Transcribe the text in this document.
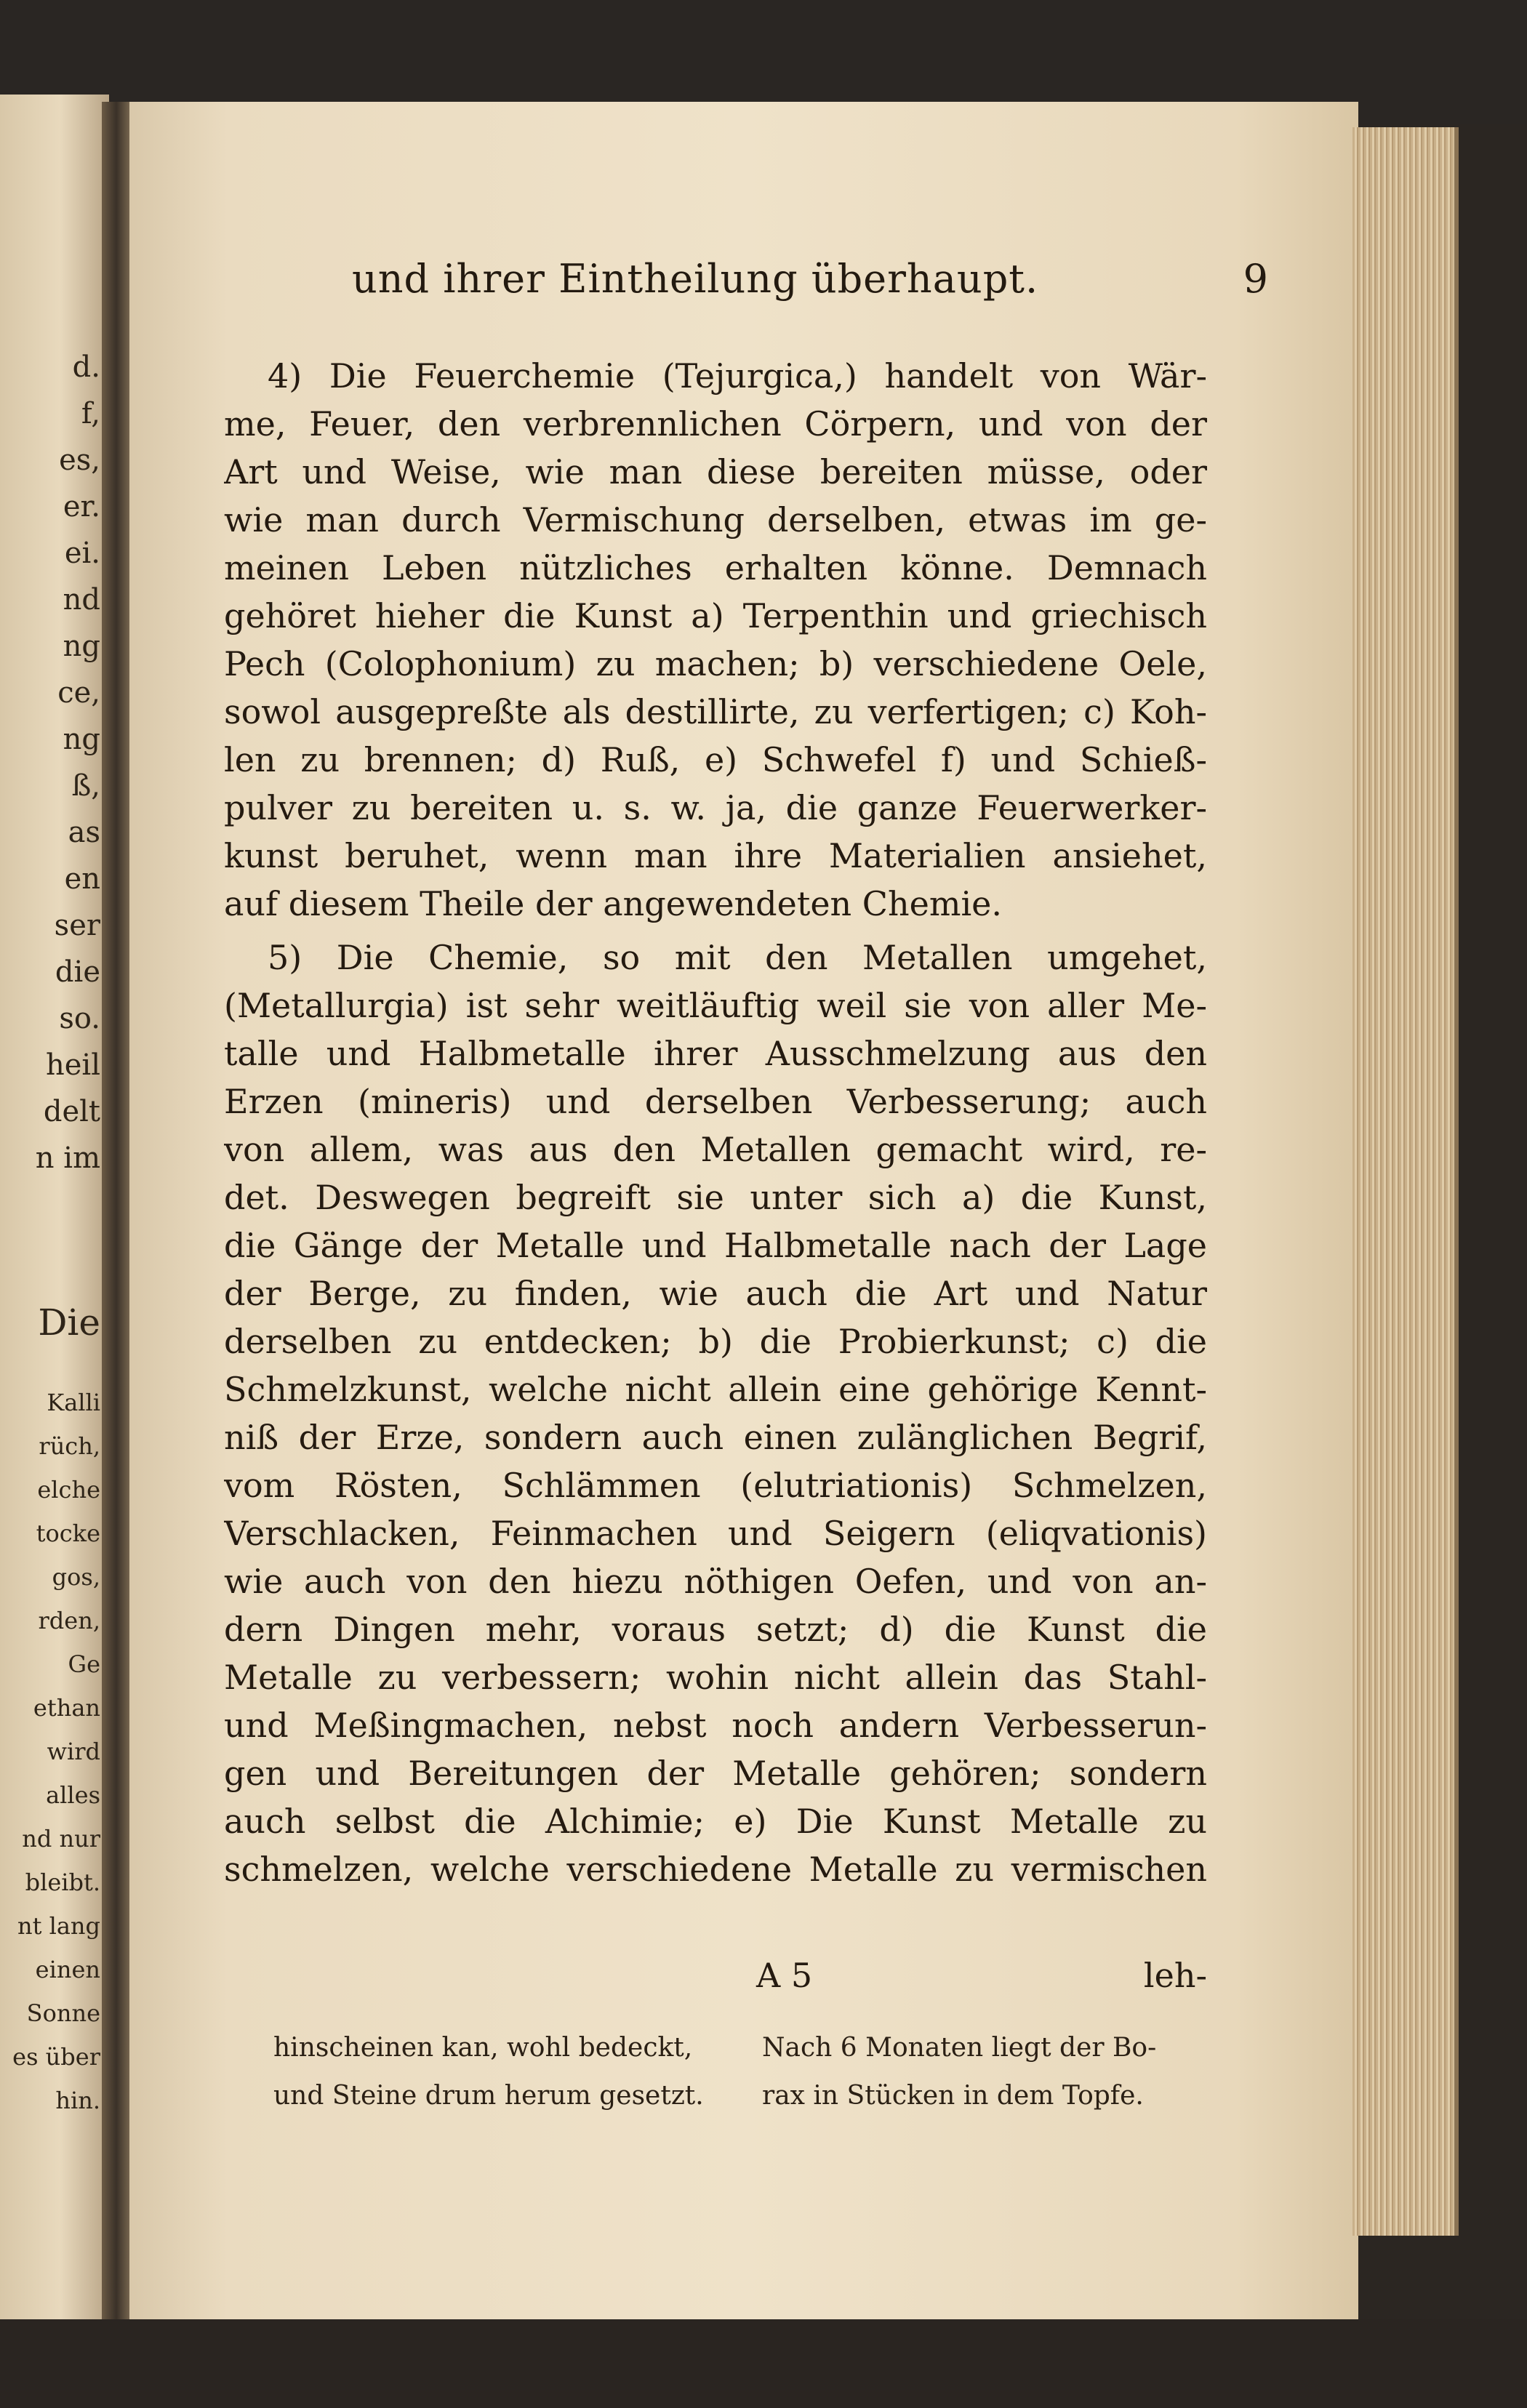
d.
f,
es,
er.
ei.
nd
ng
ce,
ng
ß,
as
en
ser
die
so.
heil
delt
n im
Die
Kalli
rüch,
elche
tocke
gos,
rden,
Ge
ethan
wird
alles
nd nur
bleibt.
nt lang
einen
Sonne
es über
hin.
und ihrer Eintheilung überhaupt.	9
4) Die Feuerchemie (Tejurgica,) handelt von Wär-
me, Feuer, den verbrennlichen Cörpern, und von der
Art und Weise, wie man diese bereiten müsse, oder
wie man durch Vermischung derselben, etwas im ge-
meinen Leben nützliches erhalten könne. Demnach
gehöret hieher die Kunst a) Terpenthin und griechisch
Pech (Colophonium) zu machen; b) verschiedene Oele,
sowol ausgepreßte als destillirte, zu verfertigen; c) Koh-
len zu brennen; d) Ruß, e) Schwefel f) und Schieß-
pulver zu bereiten u. s. w. ja, die ganze Feuerwerker-
kunst beruhet, wenn man ihre Materialien ansiehet,
auf diesem Theile der angewendeten Chemie.
5) Die Chemie, so mit den Metallen umgehet,
(Metallurgia) ist sehr weitläuftig weil sie von aller Me-
talle und Halbmetalle ihrer Ausschmelzung aus den
Erzen (mineris) und derselben Verbesserung; auch
von allem, was aus den Metallen gemacht wird, re-
det. Deswegen begreift sie unter sich a) die Kunst,
die Gänge der Metalle und Halbmetalle nach der Lage
der Berge, zu finden, wie auch die Art und Natur
derselben zu entdecken; b) die Probierkunst; c) die
Schmelzkunst, welche nicht allein eine gehörige Kennt-
niß der Erze, sondern auch einen zulänglichen Begrif,
vom Rösten, Schlämmen (elutriationis) Schmelzen,
Verschlacken, Feinmachen und Seigern (eliqvationis)
wie auch von den hiezu nöthigen Oefen, und von an-
dern Dingen mehr, voraus setzt; d) die Kunst die
Metalle zu verbessern; wohin nicht allein das Stahl-
und Meßingmachen, nebst noch andern Verbesserun-
gen und Bereitungen der Metalle gehören; sondern
auch selbst die Alchimie; e) Die Kunst Metalle zu
schmelzen, welche verschiedene Metalle zu vermischen
A 5	leh-
hinscheinen kan, wohl bedeckt,	Nach 6 Monaten liegt der Bo-
und Steine drum herum gesetzt. rax in Stücken in dem Topfe.
